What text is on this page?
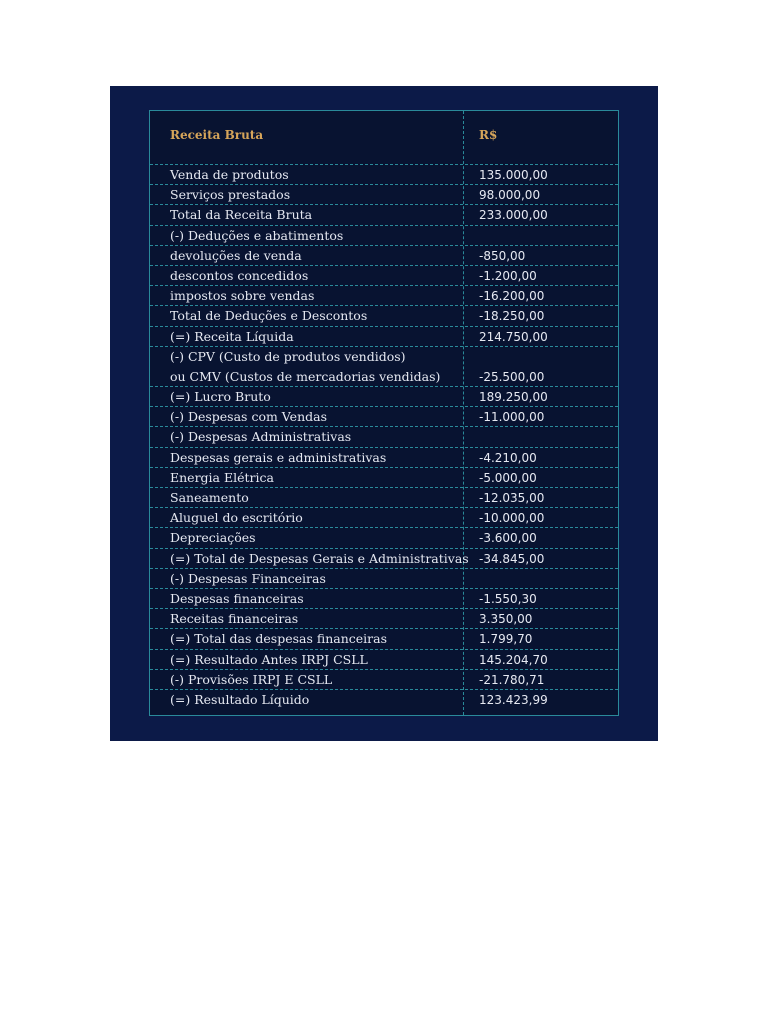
Receita Bruta	R$
Venda de produtos	135.000,00
Serviços prestados	98.000,00
Total da Receita Bruta	233.000,00
(-) Deduções e abatimentos
devoluções de venda	-850,00
descontos concedidos	-1.200,00
impostos sobre vendas	-16.200,00
Total de Deduções e Descontos	-18.250,00
(=) Receita Líquida	214.750,00
(-) CPV (Custo de produtos vendidos)
ou CMV (Custos de mercadorias vendidas)	-25.500,00
(=) Lucro Bruto	189.250,00
(-) Despesas com Vendas	-11.000,00
(-) Despesas Administrativas
Despesas gerais e administrativas	-4.210,00
Energia Elétrica	-5.000,00
Saneamento	-12.035,00
Aluguel do escritório	-10.000,00
Depreciações	-3.600,00
(=) Total de Despesas Gerais e Administrativas -34.845,00
(-) Despesas Financeiras
Despesas financeiras	-1.550,30
Receitas financeiras	3.350,00
(=) Total das despesas financeiras	1.799,70
(=) Resultado Antes IRPJ CSLL	145.204,70
(-) Provisões IRPJ E CSLL	-21.780,71
(=) Resultado Líquido	123.423,99
